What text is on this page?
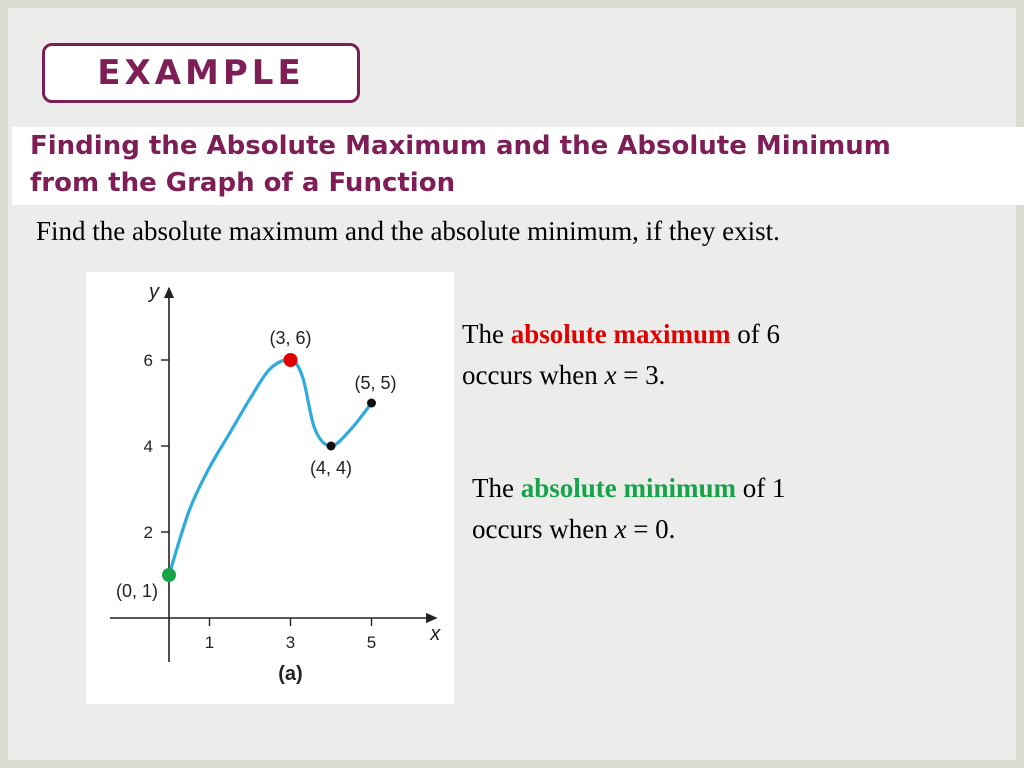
EXAMPLE

Finding the Absolute Maximum and the Absolute Minimum
from the Graph of a Function

Find the absolute maximum and the absolute minimum, if they exist.
2
4
6
1	3	5
y
x
(a)
(0, 1)
(3, 6)
(4, 4)
(5, 5)
The absolute maximum of 6
occurs when x = 3.
The absolute minimum of 1
occurs when x = 0.
